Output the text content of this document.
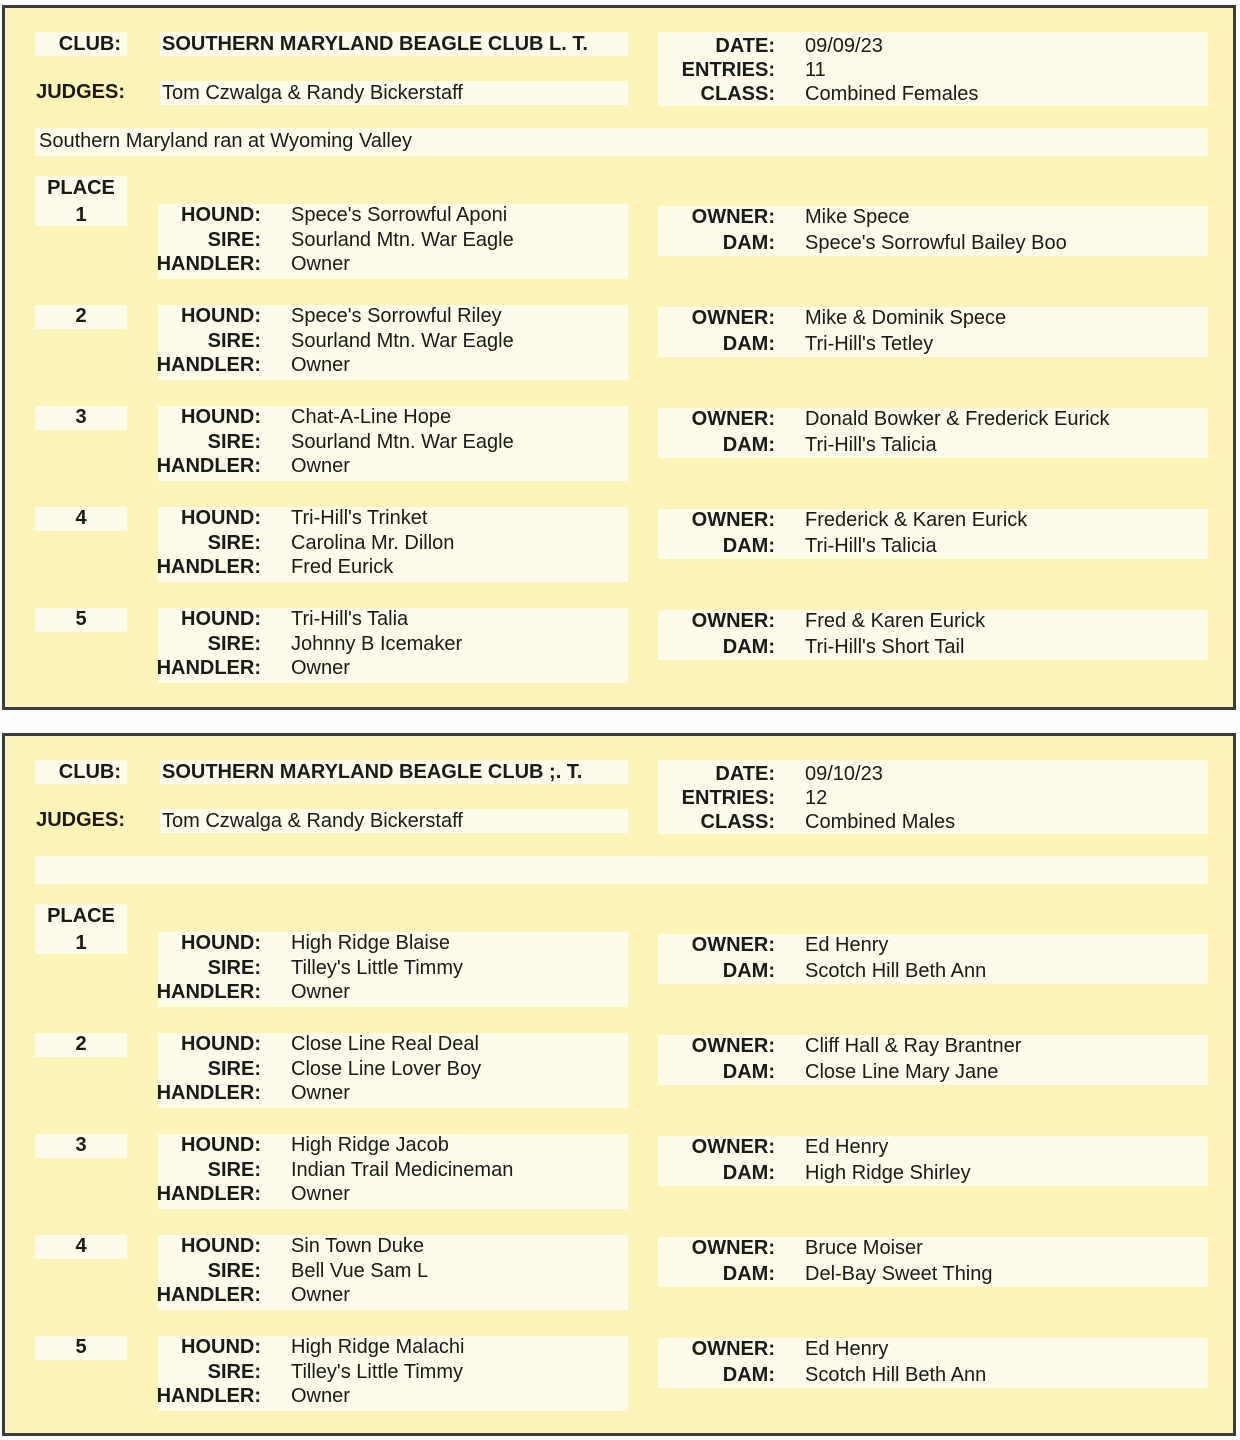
CLUB: SOUTHERN MARYLAND BEAGLE CLUB L. T.
JUDGES: Tom Czwalga & Randy Bickerstaff
DATE: 09/09/23
ENTRIES: 11
CLASS: Combined Females
Southern Maryland ran at Wyoming Valley
PLACE
1	HOUND: Spece's Sorrowful Aponi
SIRE: Sourland Mtn. War Eagle
HANDLER: Owner
OWNER: Mike Spece
DAM: Spece's Sorrowful Bailey Boo
2	HOUND: Spece's Sorrowful Riley
SIRE: Sourland Mtn. War Eagle
HANDLER: Owner
OWNER: Mike & Dominik Spece
DAM: Tri-Hill's Tetley
3	HOUND: Chat-A-Line Hope
SIRE: Sourland Mtn. War Eagle
HANDLER: Owner
OWNER: Donald Bowker & Frederick Eurick
DAM: Tri-Hill's Talicia
4	HOUND: Tri-Hill's Trinket
SIRE: Carolina Mr. Dillon
HANDLER: Fred Eurick
OWNER: Frederick & Karen Eurick
DAM: Tri-Hill's Talicia
5	HOUND: Tri-Hill's Talia
SIRE: Johnny B Icemaker
HANDLER: Owner
OWNER: Fred & Karen Eurick
DAM: Tri-Hill's Short Tail
CLUB: SOUTHERN MARYLAND BEAGLE CLUB ;. T.
JUDGES: Tom Czwalga & Randy Bickerstaff
DATE: 09/10/23
ENTRIES: 12
CLASS: Combined Males
PLACE
1	HOUND: High Ridge Blaise
SIRE: Tilley's Little Timmy
HANDLER: Owner
OWNER: Ed Henry
DAM: Scotch Hill Beth Ann
2	HOUND: Close Line Real Deal
SIRE: Close Line Lover Boy
HANDLER: Owner
OWNER: Cliff Hall & Ray Brantner
DAM: Close Line Mary Jane
3	HOUND: High Ridge Jacob
SIRE: Indian Trail Medicineman
HANDLER: Owner
OWNER: Ed Henry
DAM: High Ridge Shirley
4	HOUND: Sin Town Duke
SIRE: Bell Vue Sam L
HANDLER: Owner
OWNER: Bruce Moiser
DAM: Del-Bay Sweet Thing
5	HOUND: High Ridge Malachi
SIRE: Tilley's Little Timmy
HANDLER: Owner
OWNER: Ed Henry
DAM: Scotch Hill Beth Ann
